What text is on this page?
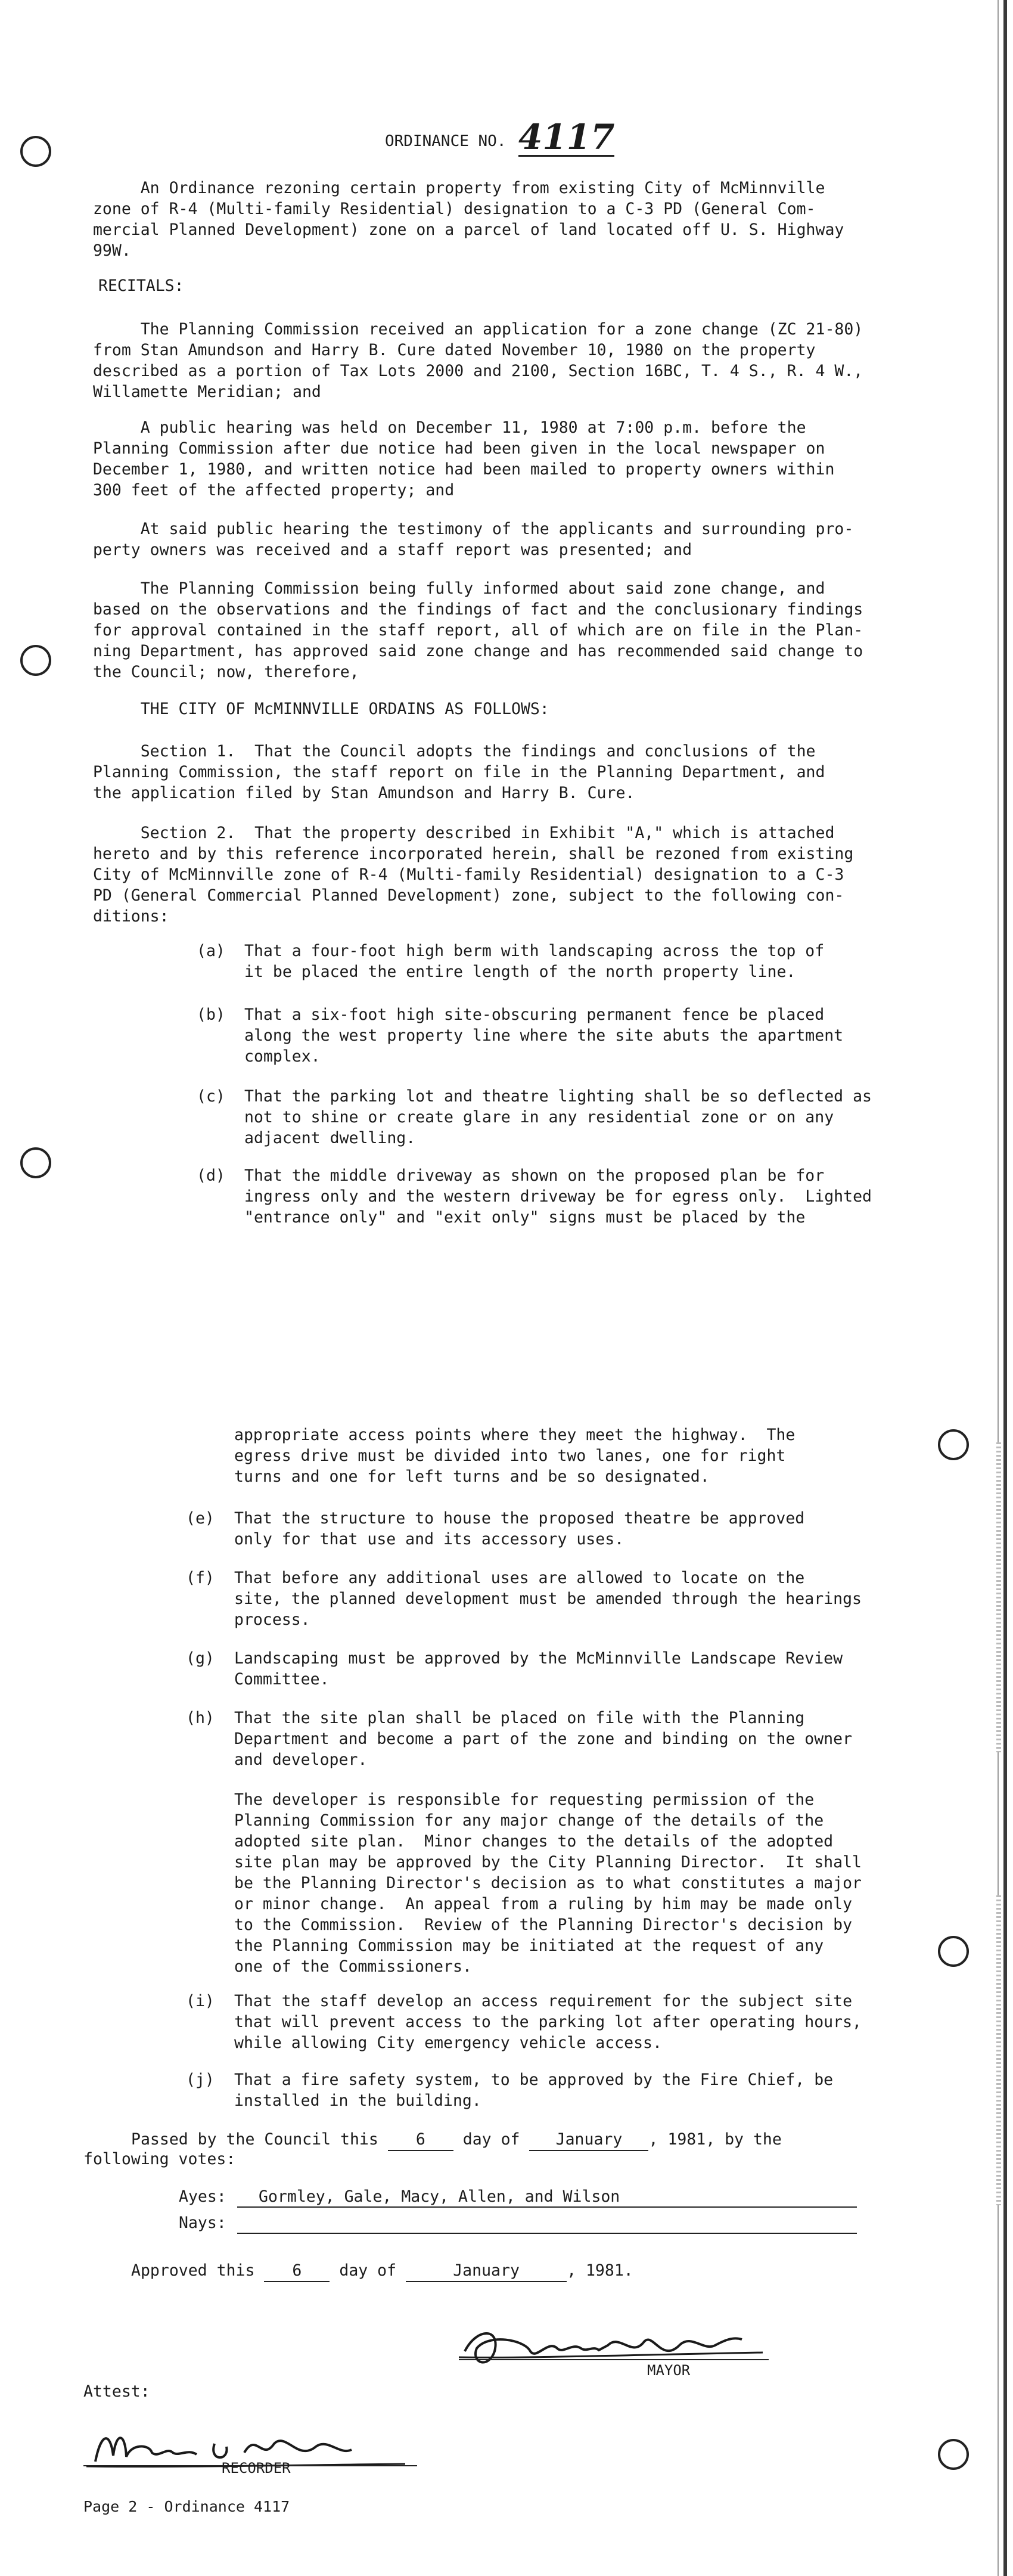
ORDINANCE NO. 4117
An Ordinance rezoning certain property from existing City of McMinnville
zone of R-4 (Multi-family Residential) designation to a C-3 PD (General Com-
mercial Planned Development) zone on a parcel of land located off U. S. Highway
99W.
RECITALS:
The Planning Commission received an application for a zone change (ZC 21-80)
from Stan Amundson and Harry B. Cure dated November 10, 1980 on the property
described as a portion of Tax Lots 2000 and 2100, Section 16BC, T. 4 S., R. 4 W.,
Willamette Meridian; and
A public hearing was held on December 11, 1980 at 7:00 p.m. before the
Planning Commission after due notice had been given in the local newspaper on
December 1, 1980, and written notice had been mailed to property owners within
300 feet of the affected property; and
At said public hearing the testimony of the applicants and surrounding pro-
perty owners was received and a staff report was presented; and
The Planning Commission being fully informed about said zone change, and
based on the observations and the findings of fact and the conclusionary findings
for approval contained in the staff report, all of which are on file in the Plan-
ning Department, has approved said zone change and has recommended said change to
the Council; now, therefore,
THE CITY OF McMINNVILLE ORDAINS AS FOLLOWS:
Section 1.  That the Council adopts the findings and conclusions of the
Planning Commission, the staff report on file in the Planning Department, and
the application filed by Stan Amundson and Harry B. Cure.
Section 2.  That the property described in Exhibit "A," which is attached
hereto and by this reference incorporated herein, shall be rezoned from existing
City of McMinnville zone of R-4 (Multi-family Residential) designation to a C-3
PD (General Commercial Planned Development) zone, subject to the following con-
ditions:
(a) That a four-foot high berm with landscaping across the top of
it be placed the entire length of the north property line.
(b) That a six-foot high site-obscuring permanent fence be placed
along the west property line where the site abuts the apartment
complex.
(c) That the parking lot and theatre lighting shall be so deflected as
not to shine or create glare in any residential zone or on any
adjacent dwelling.
(d) That the middle driveway as shown on the proposed plan be for
ingress only and the western driveway be for egress only.  Lighted
"entrance only" and "exit only" signs must be placed by the
appropriate access points where they meet the highway.  The
egress drive must be divided into two lanes, one for right
turns and one for left turns and be so designated.
(e) That the structure to house the proposed theatre be approved
only for that use and its accessory uses.
(f) That before any additional uses are allowed to locate on the
site, the planned development must be amended through the hearings
process.
(g) Landscaping must be approved by the McMinnville Landscape Review
Committee.
(h) That the site plan shall be placed on file with the Planning
Department and become a part of the zone and binding on the owner
and developer.
The developer is responsible for requesting permission of the
Planning Commission for any major change of the details of the
adopted site plan.  Minor changes to the details of the adopted
site plan may be approved by the City Planning Director.  It shall
be the Planning Director's decision as to what constitutes a major
or minor change.  An appeal from a ruling by him may be made only
to the Commission.  Review of the Planning Director's decision by
the Planning Commission may be initiated at the request of any
one of the Commissioners.
(i) That the staff develop an access requirement for the subject site
that will prevent access to the parking lot after operating hours,
while allowing City emergency vehicle access.
(j) That a fire safety system, to be approved by the Fire Chief, be
installed in the building.
Passed by the Council this 6 day of January , 1981, by the
following votes:
Ayes: Gormley, Gale, Macy, Allen, and Wilson
Nays:
Approved this 6 day of	January	, 1981.
MAYOR
Attest:
RECORDER
Page 2 - Ordinance 4117
